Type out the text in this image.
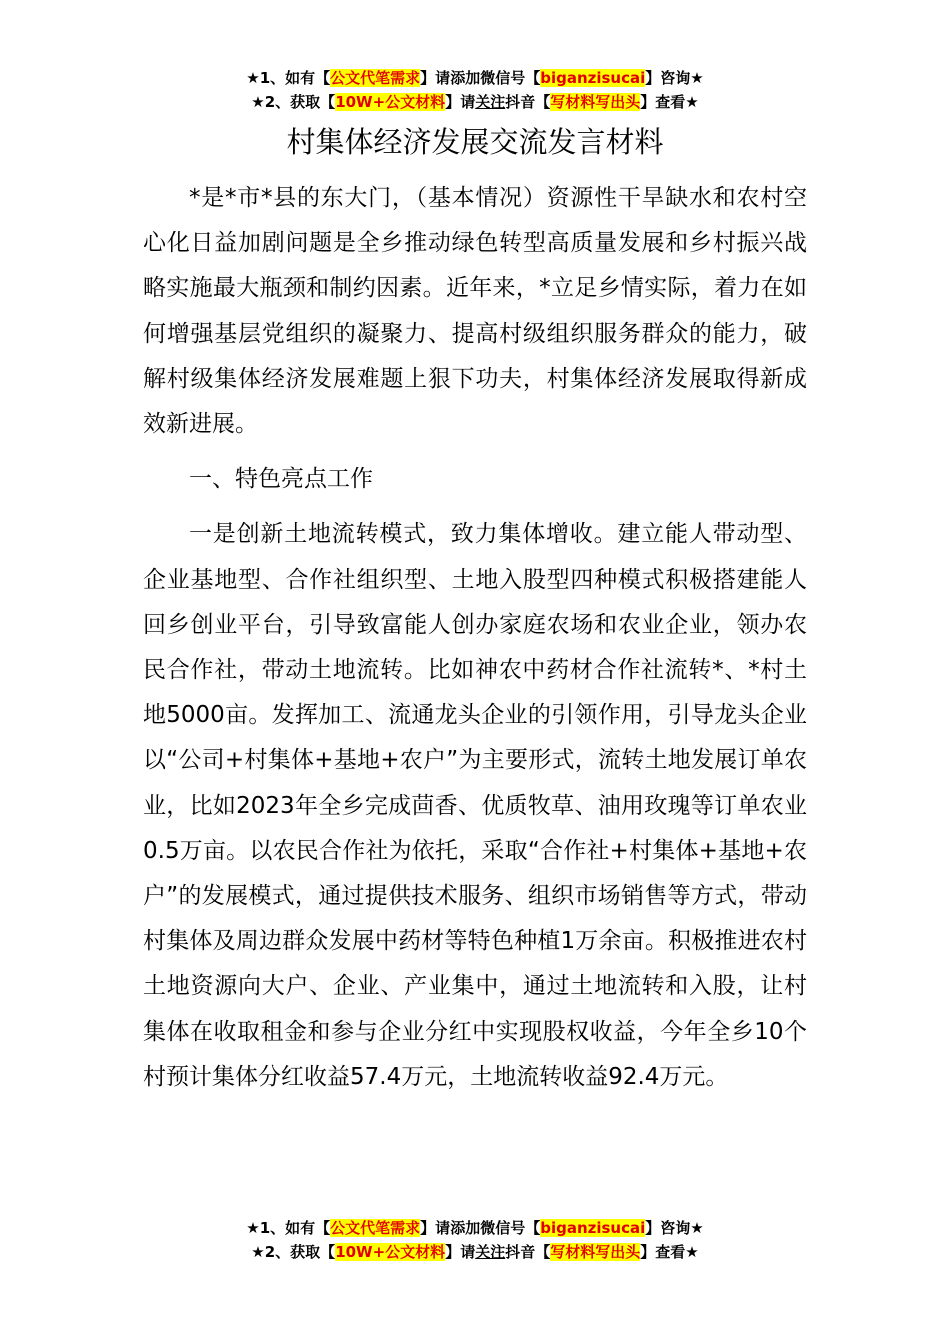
★1、如有【公文代笔需求】请添加微信号【biganzisucai】咨询★
★2、获取【10W+公文材料】请关注抖音【写材料写出头】查看★
村集体经济发展交流发言材料

*是*市*县的东大门，（基本情况）资源性干旱缺水和农村空心化日益加剧问题是全乡推动绿色转型高质量发展和乡村振兴战略实施最大瓶颈和制约因素。近年来，*立足乡情实际，着力在如何增强基层党组织的凝聚力、提高村级组织服务群众的能力，破解村级集体经济发展难题上狠下功夫，村集体经济发展取得新成效新进展。

一、特色亮点工作

一是创新土地流转模式，致力集体增收。建立能人带动型、企业基地型、合作社组织型、土地入股型四种模式积极搭建能人回乡创业平台，引导致富能人创办家庭农场和农业企业，领办农民合作社，带动土地流转。比如神农中药材合作社流转*、*村土地5000亩。发挥加工、流通龙头企业的引领作用，引导龙头企业以“公司+村集体+基地+农户”为主要形式，流转土地发展订单农业，比如2023年全乡完成茴香、优质牧草、油用玫瑰等订单农业0.5万亩。以农民合作社为依托，采取“合作社+村集体+基地+农户”的发展模式，通过提供技术服务、组织市场销售等方式，带动村集体及周边群众发展中药材等特色种植1万余亩。积极推进农村土地资源向大户、企业、产业集中，通过土地流转和入股，让村集体在收取租金和参与企业分红中实现股权收益，今年全乡10个村预计集体分红收益57.4万元，土地流转收益92.4万元。

★1、如有【公文代笔需求】请添加微信号【biganzisucai】咨询★
★2、获取【10W+公文材料】请关注抖音【写材料写出头】查看★
